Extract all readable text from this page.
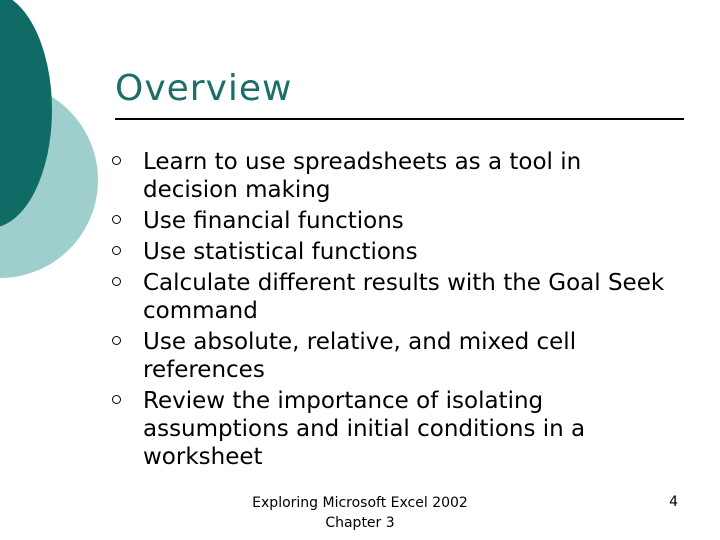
Overview
Learn to use spreadsheets as a tool in decision making
Use financial functions
Use statistical functions
Calculate different results with the Goal Seek command
Use absolute, relative, and mixed cell references
Review the importance of isolating assumptions and initial conditions in a worksheet
Exploring Microsoft Excel 2002
Chapter 3
4
